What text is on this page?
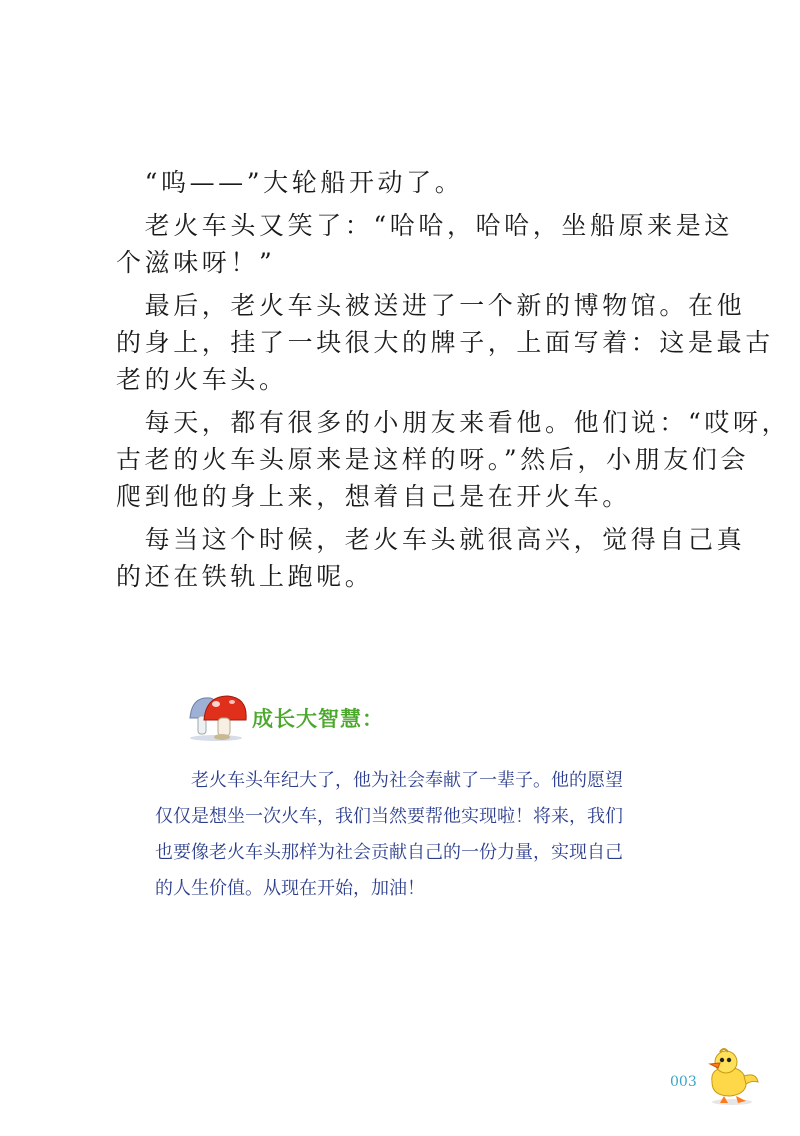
　“呜——”大轮船开动了。

　老火车头又笑了：“哈哈，哈哈，坐船原来是这

个滋味呀！”

　最后，老火车头被送进了一个新的博物馆。在他

的身上，挂了一块很大的牌子，上面写着：这是最古

老的火车头。

　每天，都有很多的小朋友来看他。他们说：“哎呀，

古老的火车头原来是这样的呀。”然后，小朋友们会

爬到他的身上来，想着自己是在开火车。

　每当这个时候，老火车头就很高兴，觉得自己真

的还在铁轨上跑呢。

成长大智慧：

　　老火车头年纪大了，他为社会奉献了一辈子。他的愿望

仅仅是想坐一次火车，我们当然要帮他实现啦！将来，我们

也要像老火车头那样为社会贡献自己的一份力量，实现自己

的人生价值。从现在开始，加油！

003
